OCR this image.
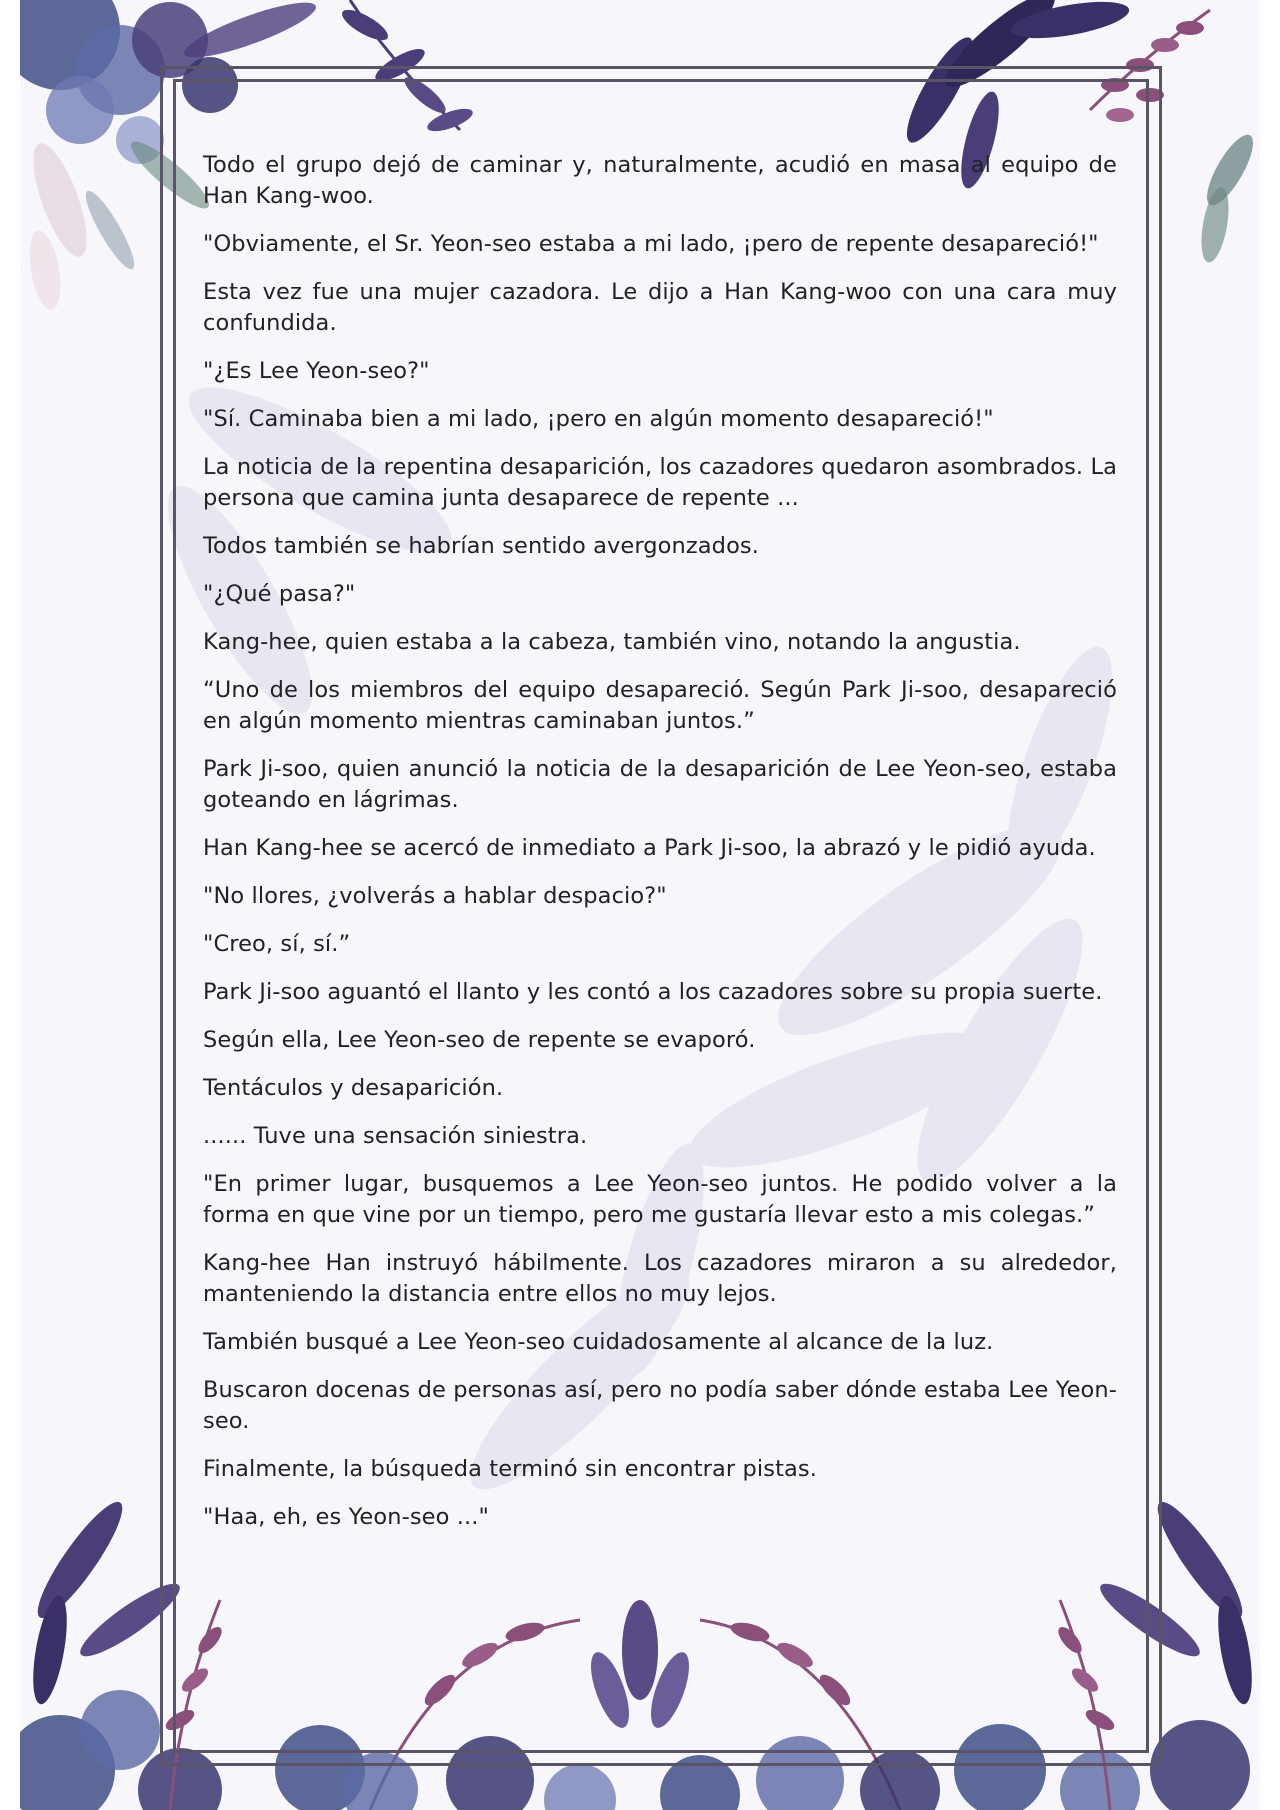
Todo el grupo dejó de caminar y, naturalmente, acudió en masa al equipo de Han Kang-woo.

"Obviamente, el Sr. Yeon-seo estaba a mi lado, ¡pero de repente desapareció!"

Esta vez fue una mujer cazadora. Le dijo a Han Kang-woo con una cara muy confundida.

"¿Es Lee Yeon-seo?"

"Sí. Caminaba bien a mi lado, ¡pero en algún momento desapareció!"

La noticia de la repentina desaparición, los cazadores quedaron asombrados. La persona que camina junta desaparece de repente ...

Todos también se habrían sentido avergonzados.

"¿Qué pasa?"

Kang-hee, quien estaba a la cabeza, también vino, notando la angustia.

“Uno de los miembros del equipo desapareció. Según Park Ji-soo, desapareció en algún momento mientras caminaban juntos.”

Park Ji-soo, quien anunció la noticia de la desaparición de Lee Yeon-seo, estaba goteando en lágrimas.

Han Kang-hee se acercó de inmediato a Park Ji-soo, la abrazó y le pidió ayuda.

"No llores, ¿volverás a hablar despacio?"

"Creo, sí, sí.”

Park Ji-soo aguantó el llanto y les contó a los cazadores sobre su propia suerte.

Según ella, Lee Yeon-seo de repente se evaporó.

Tentáculos y desaparición.

...... Tuve una sensación siniestra.

"En primer lugar, busquemos a Lee Yeon-seo juntos. He podido volver a la forma en que vine por un tiempo, pero me gustaría llevar esto a mis colegas.”

Kang-hee Han instruyó hábilmente. Los cazadores miraron a su alrededor, manteniendo la distancia entre ellos no muy lejos.

También busqué a Lee Yeon-seo cuidadosamente al alcance de la luz.

Buscaron docenas de personas así, pero no podía saber dónde estaba Lee Yeon-seo.

Finalmente, la búsqueda terminó sin encontrar pistas.

"Haa, eh, es Yeon-seo ..."
